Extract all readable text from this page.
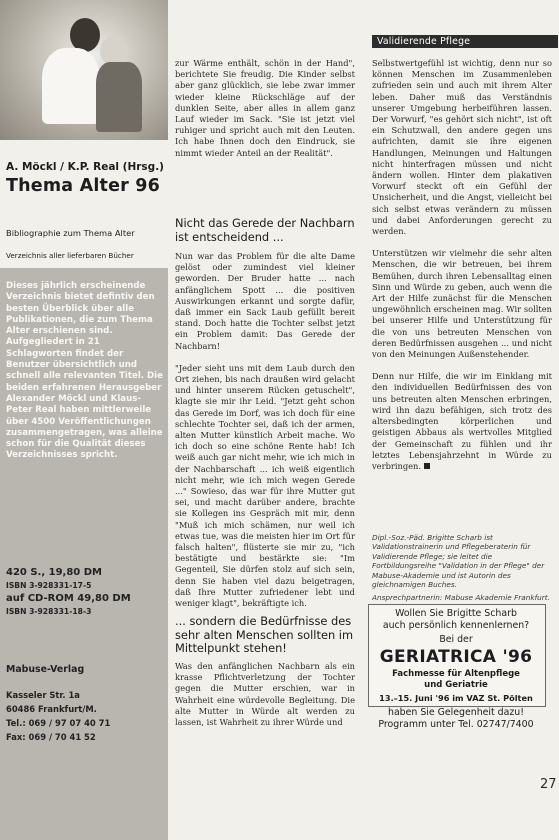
A. Möckl / K.P. Real (Hrsg.)
Thema Alter 96
Bibliographie zum Thema Alter
Verzeichnis aller lieferbaren Bücher
Dieses jährlich erscheinende Verzeichnis bietet defintiv den besten Überblick über alle Publikationen, die zum Thema Alter erschienen sind. Aufgegliedert in 21 Schlagworten findet der Benutzer übersichtlich und schnell alle relevanten Titel. Die beiden erfahrenen Herausgeber Alexander Möckl und Klaus-Peter Real haben mittlerweile über 4500 Veröffentlichungen zusammengetragen, was alleine schon für die Qualität dieses Verzeichnisses spricht.
420 S., 19,80 DM
ISBN 3-928331-17-5
auf CD-ROM 49,80 DM
ISBN 3-928331-18-3
Mabuse-Verlag
Kasseler Str. 1a
60486 Frankfurt/M.
Tel.: 069 / 97 07 40 71
Fax: 069 / 70 41 52
Validierende Pflege

zur Wärme enthält, schön in der Hand", berichtete Sie freudig. Die Kinder selbst aber ganz glücklich, sie lebe zwar immer wieder kleine Rückschläge auf der dunklen Seite, aber alles in allem ganz Lauf wieder im Sack. "Sie ist jetzt viel ruhiger und spricht auch mit den Leuten. Ich habe Ihnen doch den Eindruck, sie nimmt wieder Anteil an der Realität".

Nicht das Gerede der Nachbarn ist entscheidend ...

Nun war das Problem für die alte Dame gelöst oder zumindest viel kleiner geworden. Der Bruder hatte ... nach anfänglichem Spott ... die positiven Auswirkungen erkannt und sorgte dafür, daß immer ein Sack Laub gefüllt bereit stand. Doch hatte die Tochter selbst jetzt ein Problem damit: Das Gerede der Nachbarn!

"Jeder sieht uns mit dem Laub durch den Ort ziehen, bis nach draußen wird gelacht und hinter unserem Rücken getuschelt", klagte sie mir ihr Leid. "Jetzt geht schon das Gerede im Dorf, was ich doch für eine schlechte Tochter sei, daß ich der armen, alten Mutter künstlich Arbeit mache. Wo ich doch so eine schöne Rente hab! Ich weiß auch gar nicht mehr, wie ich mich in der Nachbarschaft ... ich weiß eigentlich nicht mehr, wie ich mich wegen Gerede ..." Sowieso, das war für ihre Mutter gut sei, und macht darüber andere, brachte sie Kollegen ins Gespräch mit mir, denn "Muß ich mich schämen, nur weil ich etwas tue, was die meisten hier im Ort für falsch halten", flüsterte sie mir zu, "ich bestätigte und bestärkte sie: "Im Gegenteil, Sie dürfen stolz auf sich sein, denn Sie haben viel dazu beigetragen, daß Ihre Mutter zufriedener lebt und weniger klagt", bekräftigte ich.

... sondern die Bedürfnisse des sehr alten Menschen sollten im Mittelpunkt stehen!

Was den anfänglichen Nachbarn als ein krasse Pflichtverletzung der Tochter gegen die Mutter erschien, war in Wahrheit eine würdevolle Begleitung. Die alte Mutter in Würde alt werden zu lassen, ist Wahrheit zu ihrer Würde und

Selbstwertgefühl ist wichtig, denn nur so können Menschen im Zusammenleben zufrieden sein und auch mit ihrem Alter leben. Daher muß das Verständnis unserer Umgebung herbeiführen lassen. Der Vorwurf, "es gehört sich nicht", ist oft ein Schutzwall, den andere gegen uns aufrichten, damit sie ihre eigenen Handlungen, Meinungen und Haltungen nicht hinterfragen müssen und nicht ändern wollen. Hinter dem plakativen Vorwurf steckt oft ein Gefühl der Unsicherheit, und die Angst, vielleicht bei sich selbst etwas verändern zu müssen und dabei Anforderungen gerecht zu werden.

Unterstützen wir vielmehr die sehr alten Menschen, die wir betreuen, bei ihrem Bemühen, durch ihren Lebensalltag einen Sinn und Würde zu geben, auch wenn die Art der Hilfe zunächst für die Menschen ungewöhnlich erscheinen mag. Wir sollten bei unserer Hilfe und Unterstützung für die von uns betreuten Menschen von deren Bedürfnissen ausgehen ... und nicht von den Meinungen Außenstehender.

Denn nur Hilfe, die wir im Einklang mit den individuellen Bedürfnissen des von uns betreuten alten Menschen erbringen, wird ihn dazu befähigen, sich trotz des altersbedingten körperlichen und geistigen Abbaus als wertvolles Mitglied der Gemeinschaft zu fühlen und ihr letztes Lebensjahrzehnt in Würde zu verbringen.

Dipl.-Soz.-Päd. Brigitte Scharb ist Validationstrainerin und Pflegeberaterin für Validierende Pflege; sie leitet die Fortbildungsreihe "Validation in der Pflege" der Mabuse-Akademie und ist Autorin des gleichnamigen Buches.
Ansprechpartnerin: Mabuse Akademie Frankfurt.
Wollen Sie Brigitte Scharb
auch persönlich kennenlernen?
Bei der
GERIATRICA '96
Fachmesse für Altenpflege
und Geriatrie
13.–15. Juni '96 im VAZ St. Pölten
haben Sie Gelegenheit dazu!
Programm unter Tel. 02747/7400
27
